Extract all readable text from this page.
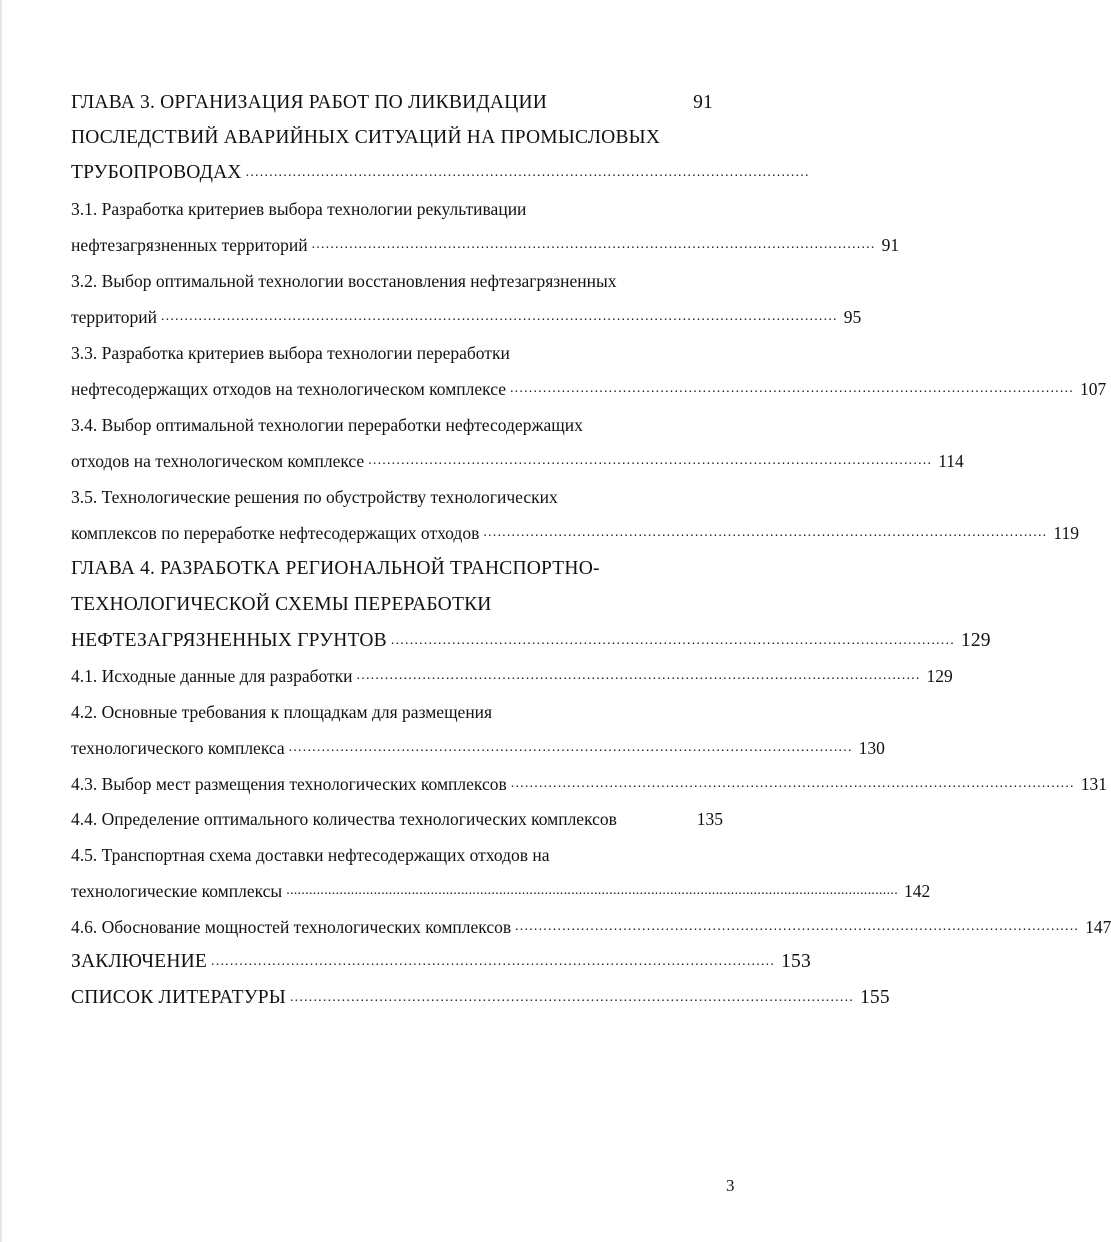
ГЛАВА 3. ОРГАНИЗАЦИЯ РАБОТ ПО ЛИКВИДАЦИИ	91
ПОСЛЕДСТВИЙ АВАРИЙНЫХ СИТУАЦИЙ НА ПРОМЫСЛОВЫХ
ТРУБОПРОВОДАХ ........................................................................................................................
3.1. Разработка критериев выбора технологии рекультивации
нефтезагрязненных территорий ........................................................................................................................ 91
3.2. Выбор оптимальной технологии восстановления нефтезагрязненных
территорий ................................................................................................................................................ 95
3.3. Разработка критериев выбора технологии переработки
нефтесодержащих отходов на технологическом комплексе ........................................................................................................................ 107
3.4. Выбор оптимальной технологии переработки нефтесодержащих
отходов на технологическом комплексе ........................................................................................................................ 114
3.5. Технологические решения по обустройству технологических
комплексов по переработке нефтесодержащих отходов ........................................................................................................................ 119
ГЛАВА 4. РАЗРАБОТКА РЕГИОНАЛЬНОЙ ТРАНСПОРТНО-
ТЕХНОЛОГИЧЕСКОЙ СХЕМЫ ПЕРЕРАБОТКИ
НЕФТЕЗАГРЯЗНЕННЫХ ГРУНТОВ ........................................................................................................................ 129
4.1. Исходные данные для разработки ........................................................................................................................ 129
4.2. Основные требования к площадкам для размещения
технологического комплекса ........................................................................................................................ 130
4.3. Выбор мест размещения технологических комплексов ........................................................................................................................ 131
4.4. Определение оптимального количества технологических комплексов	135
4.5. Транспортная схема доставки нефтесодержащих отходов на
технологические комплексы ................................................................................................................................................................. 142
4.6. Обоснование мощностей технологических комплексов ........................................................................................................................ 147
ЗАКЛЮЧЕНИЕ ........................................................................................................................ 153
СПИСОК ЛИТЕРАТУРЫ ........................................................................................................................ 155
3
